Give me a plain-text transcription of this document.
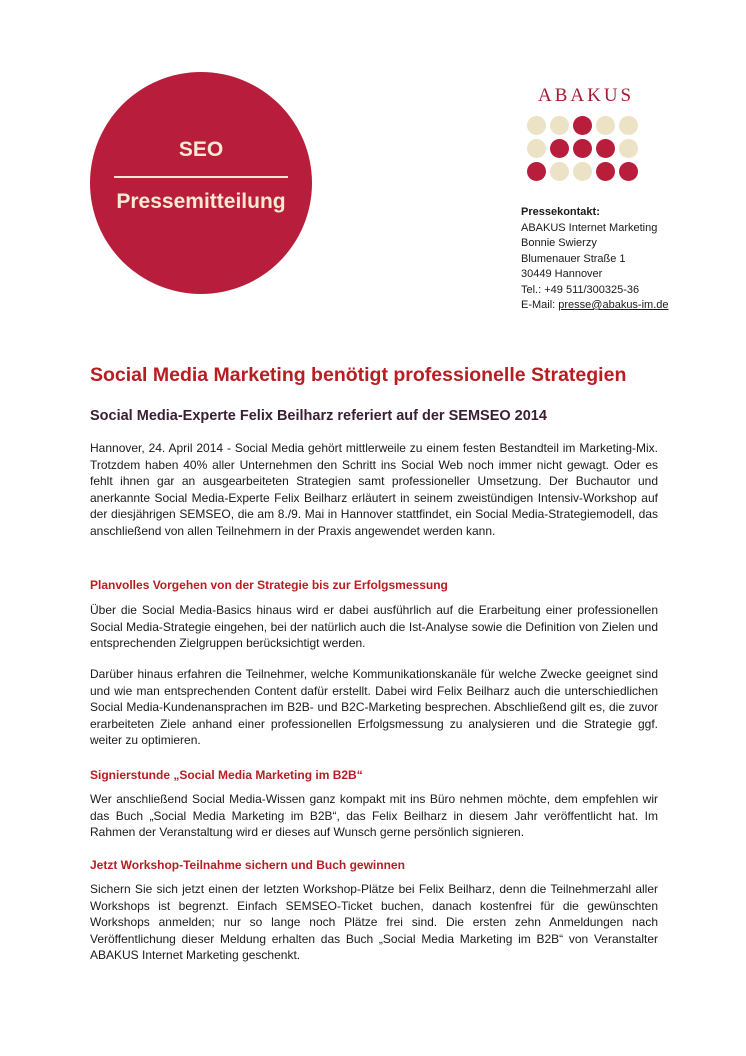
SEO
Pressemitteilung
ABAKUS
Pressekontakt:
ABAKUS Internet Marketing
Bonnie Swierzy
Blumenauer Straße 1
30449 Hannover
Tel.: +49 511/300325-36
E-Mail: presse@abakus-im.de
Social Media Marketing benötigt professionelle Strategien
Social Media-Experte Felix Beilharz referiert auf der SEMSEO 2014

Hannover, 24. April 2014 - Social Media gehört mittlerweile zu einem festen Bestandteil im Marketing-Mix. Trotzdem haben 40% aller Unternehmen den Schritt ins Social Web noch immer nicht gewagt. Oder es fehlt ihnen gar an ausgearbeiteten Strategien samt professioneller Umsetzung. Der Buchautor und anerkannte Social Media-Experte Felix Beilharz erläutert in seinem zweistündigen Intensiv-Workshop auf der diesjährigen SEMSEO, die am 8./9. Mai in Hannover stattfindet, ein Social Media-Strategiemodell, das anschließend von allen Teilnehmern in der Praxis angewendet werden kann.

Planvolles Vorgehen von der Strategie bis zur Erfolgsmessung

Über die Social Media-Basics hinaus wird er dabei ausführlich auf die Erarbeitung einer professionellen Social Media-Strategie eingehen, bei der natürlich auch die Ist-Analyse sowie die Definition von Zielen und entsprechenden Zielgruppen berücksichtigt werden.

Darüber hinaus erfahren die Teilnehmer, welche Kommunikationskanäle für welche Zwecke geeignet sind und wie man entsprechenden Content dafür erstellt. Dabei wird Felix Beilharz auch die unterschiedlichen Social Media-Kundenansprachen im B2B- und B2C-Marketing besprechen. Abschließend gilt es, die zuvor erarbeiteten Ziele anhand einer professionellen Erfolgsmessung zu analysieren und die Strategie ggf. weiter zu optimieren.

Signierstunde „Social Media Marketing im B2B“

Wer anschließend Social Media-Wissen ganz kompakt mit ins Büro nehmen möchte, dem empfehlen wir das Buch „Social Media Marketing im B2B“, das Felix Beilharz in diesem Jahr veröffentlicht hat. Im Rahmen der Veranstaltung wird er dieses auf Wunsch gerne persönlich signieren.

Jetzt Workshop-Teilnahme sichern und Buch gewinnen

Sichern Sie sich jetzt einen der letzten Workshop-Plätze bei Felix Beilharz, denn die Teilnehmerzahl aller Workshops ist begrenzt. Einfach SEMSEO-Ticket buchen, danach kostenfrei für die gewünschten Workshops anmelden; nur so lange noch Plätze frei sind. Die ersten zehn Anmeldungen nach Veröffentlichung dieser Meldung erhalten das Buch „Social Media Marketing im B2B“ von Veranstalter ABAKUS Internet Marketing geschenkt.
